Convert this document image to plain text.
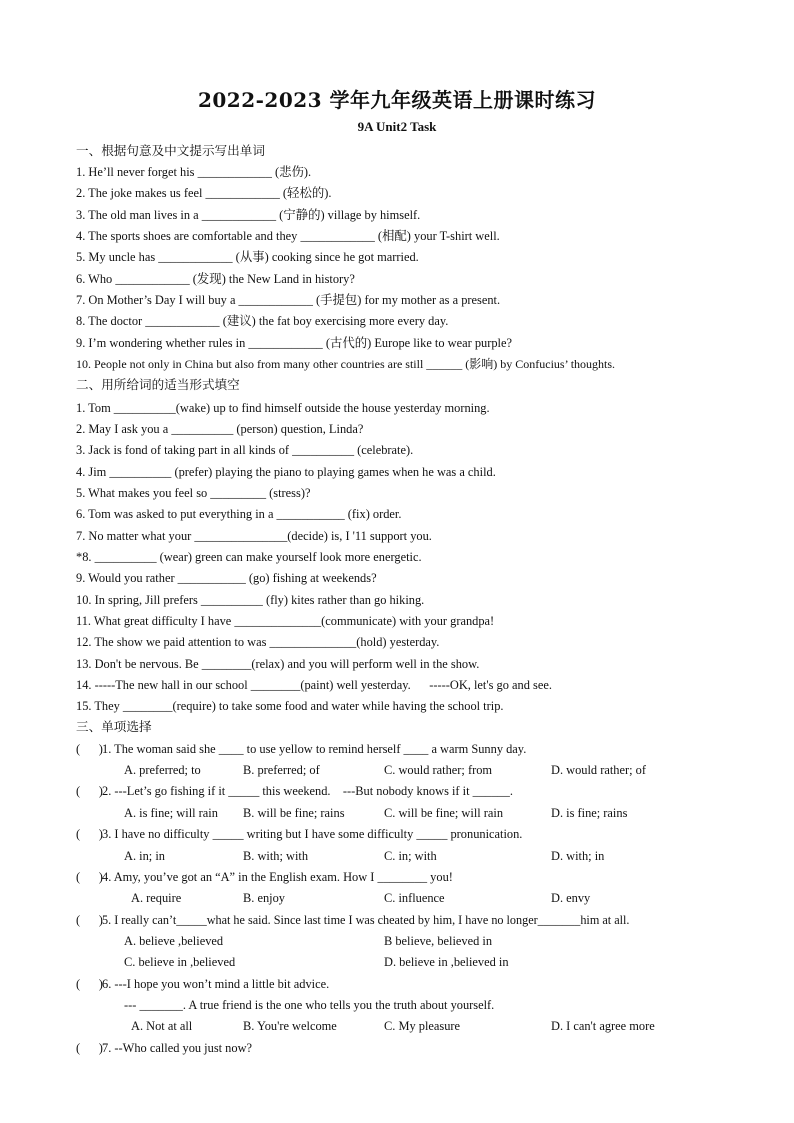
2022-2023 学年九年级英语上册课时练习
9A Unit2 Task
一、根据句意及中文提示写出单词
1. He’ll never forget his ____________ (悲伤).
2. The joke makes us feel ____________ (轻松的).
3. The old man lives in a ____________ (宁静的) village by himself.
4. The sports shoes are comfortable and they ____________ (相配) your T-shirt well.
5. My uncle has ____________ (从事) cooking since he got married.
6. Who ____________ (发现) the New Land in history?
7. On Mother’s Day I will buy a ____________ (手提包) for my mother as a present.
8. The doctor ____________ (建议) the fat boy exercising more every day.
9. I’m wondering whether rules in ____________ (古代的) Europe like to wear purple?
10. People not only in China but also from many other countries are still ______ (影响) by Confucius’ thoughts.
二、用所给词的适当形式填空
1. Tom __________(wake) up to find himself outside the house yesterday morning.
2. May I ask you a __________ (person) question, Linda?
3. Jack is fond of taking part in all kinds of __________ (celebrate).
4. Jim __________ (prefer) playing the piano to playing games when he was a child.
5. What makes you feel so _________ (stress)?
6. Tom was asked to put everything in a ___________ (fix) order.
7. No matter what your _______________(decide) is, I '11 support you.
*8. __________ (wear) green can make yourself look more energetic.
9. Would you rather ___________ (go) fishing at weekends?
10. In spring, Jill prefers __________ (fly) kites rather than go hiking.
11. What great difficulty I have ______________(communicate) with your grandpa!
12. The show we paid attention to was ______________(hold) yesterday.
13. Don't be nervous. Be ________(relax) and you will perform well in the show.
14. -----The new hall in our school ________(paint) well yesterday.      -----OK, let's go and see.
15. They ________(require) to take some food and water while having the school trip.
三、单项选择
(      ) 1. The woman said she ____ to use yellow to remind herself ____ a warm Sunny day.
A. preferred; to	B. preferred; of	C. would rather; from	D. would rather; of
(      ) 2. ---Let’s go fishing if it _____ this weekend.    ---But nobody knows if it ______.
A. is fine; will rain B. will be fine; rains	C. will be fine; will rain	D. is fine; rains
(      ) 3. I have no difficulty _____ writing but I have some difficulty _____ pronunication.
A. in; in	B. with; with	C. in; with	D. with; in
(      ) 4. Amy, you’ve got an “A” in the English exam. How I ________ you!
A. require	B. enjoy	C. influence	D. envy
(      ) 5. I really can’t_____what he said. Since last time I was cheated by him, I have no longer_______him at all.
A. believe ,believed	B believe, believed in
C. believe in ,believed	D. believe in ,believed in
(      ) 6. ---I hope you won’t mind a little bit advice.
--- _______. A true friend is the one who tells you the truth about yourself.
A. Not at all	B. You're welcome	C. My pleasure	D. I can't agree more
(      ) 7. --Who called you just now?
